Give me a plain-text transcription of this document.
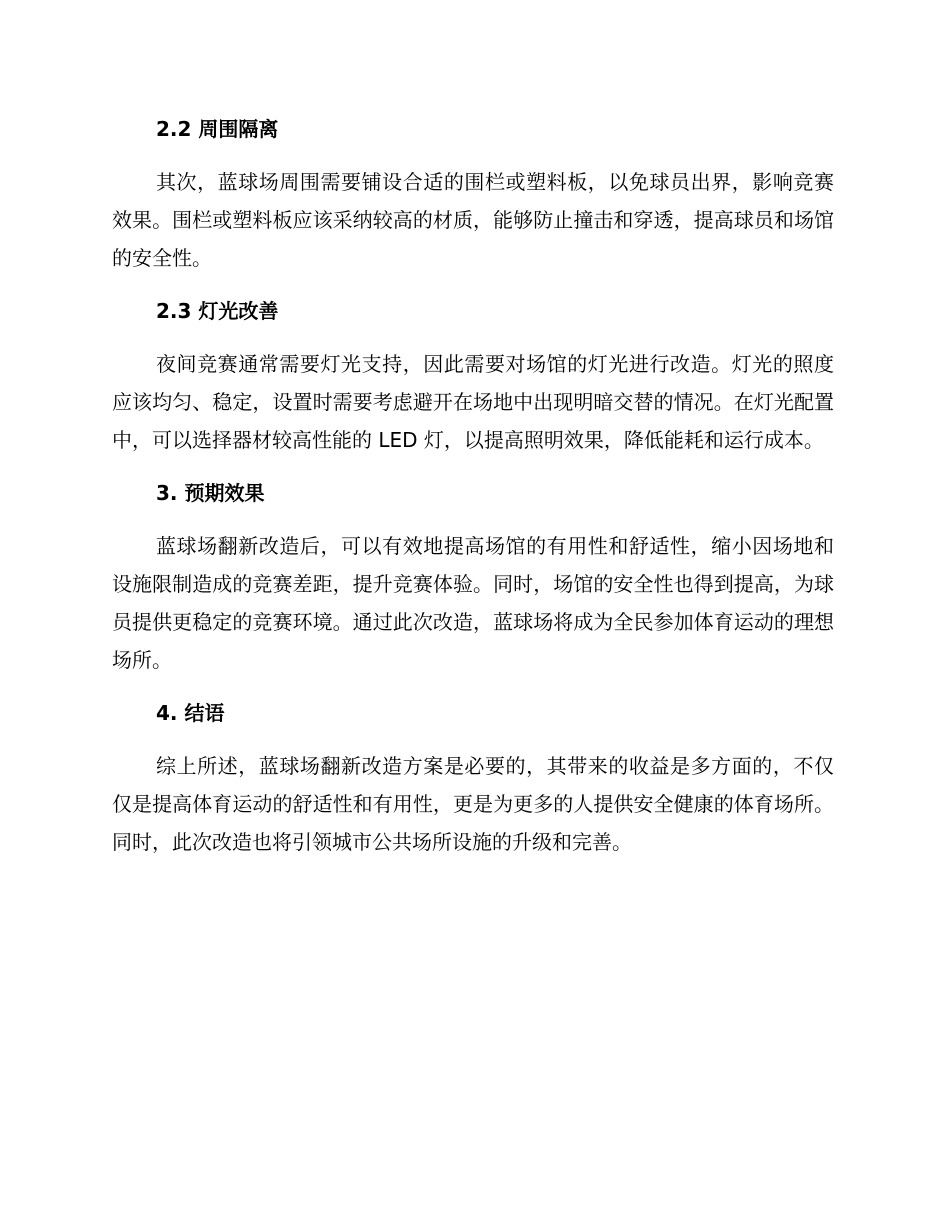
2.2 周围隔离

其次，蓝球场周围需要铺设合适的围栏或塑料板，以免球员出界，影响竞赛效果。围栏或塑料板应该采纳较高的材质，能够防止撞击和穿透，提高球员和场馆的安全性。

2.3 灯光改善

夜间竞赛通常需要灯光支持，因此需要对场馆的灯光进行改造。灯光的照度应该均匀、稳定，设置时需要考虑避开在场地中出现明暗交替的情况。在灯光配置中，可以选择器材较高性能的 LED 灯，以提高照明效果，降低能耗和运行成本。

3. 预期效果

蓝球场翻新改造后，可以有效地提高场馆的有用性和舒适性，缩小因场地和设施限制造成的竞赛差距，提升竞赛体验。同时，场馆的安全性也得到提高，为球员提供更稳定的竞赛环境。通过此次改造，蓝球场将成为全民参加体育运动的理想场所。

4. 结语

综上所述，蓝球场翻新改造方案是必要的，其带来的收益是多方面的，不仅仅是提高体育运动的舒适性和有用性，更是为更多的人提供安全健康的体育场所。同时，此次改造也将引领城市公共场所设施的升级和完善。
